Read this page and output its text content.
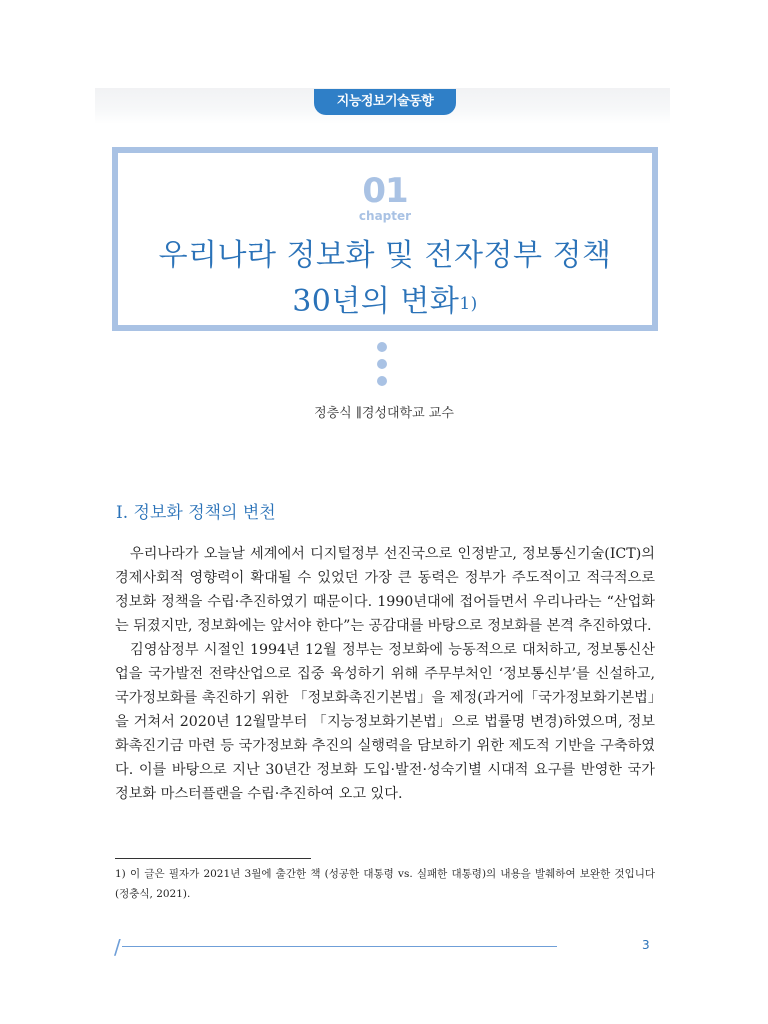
지능정보기술동향
01
chapter
우리나라 정보화 및 전자정부 정책
30년의 변화$^{1)}$
정충식 ∥경성대학교 교수
I. 정보화 정책의 변천

우리나라가 오늘날 세계에서 디지털정부 선진국으로 인정받고, 정보통신기술(ICT)의 경제사회적 영향력이 확대될 수 있었던 가장 큰 동력은 정부가 주도적이고 적극적으로 정보화 정책을 수립·추진하였기 때문이다. 1990년대에 접어들면서 우리나라는 “산업화는 뒤졌지만, 정보화에는 앞서야 한다”는 공감대를 바탕으로 정보화를 본격 추진하였다.

김영삼정부 시절인 1994년 12월 정부는 정보화에 능동적으로 대처하고, 정보통신산업을 국가발전 전략산업으로 집중 육성하기 위해 주무부처인 ‘정보통신부’를 신설하고, 국가정보화를 촉진하기 위한 「정보화촉진기본법」을 제정(과거에「국가정보화기본법」을 거쳐서 2020년 12월말부터 「지능정보화기본법」으로 법률명 변경)하였으며, 정보화촉진기금 마련 등 국가정보화 추진의 실행력을 담보하기 위한 제도적 기반을 구축하였다. 이를 바탕으로 지난 30년간 정보화 도입·발전·성숙기별 시대적 요구를 반영한 국가정보화 마스터플랜을 수립·추진하여 오고 있다.

1) 이 글은 필자가 2021년 3월에 출간한 책 (성공한 대통령 vs. 실패한 대통령)의 내용을 발췌하여 보완한 것입니다(정충식, 2021).
/	3
